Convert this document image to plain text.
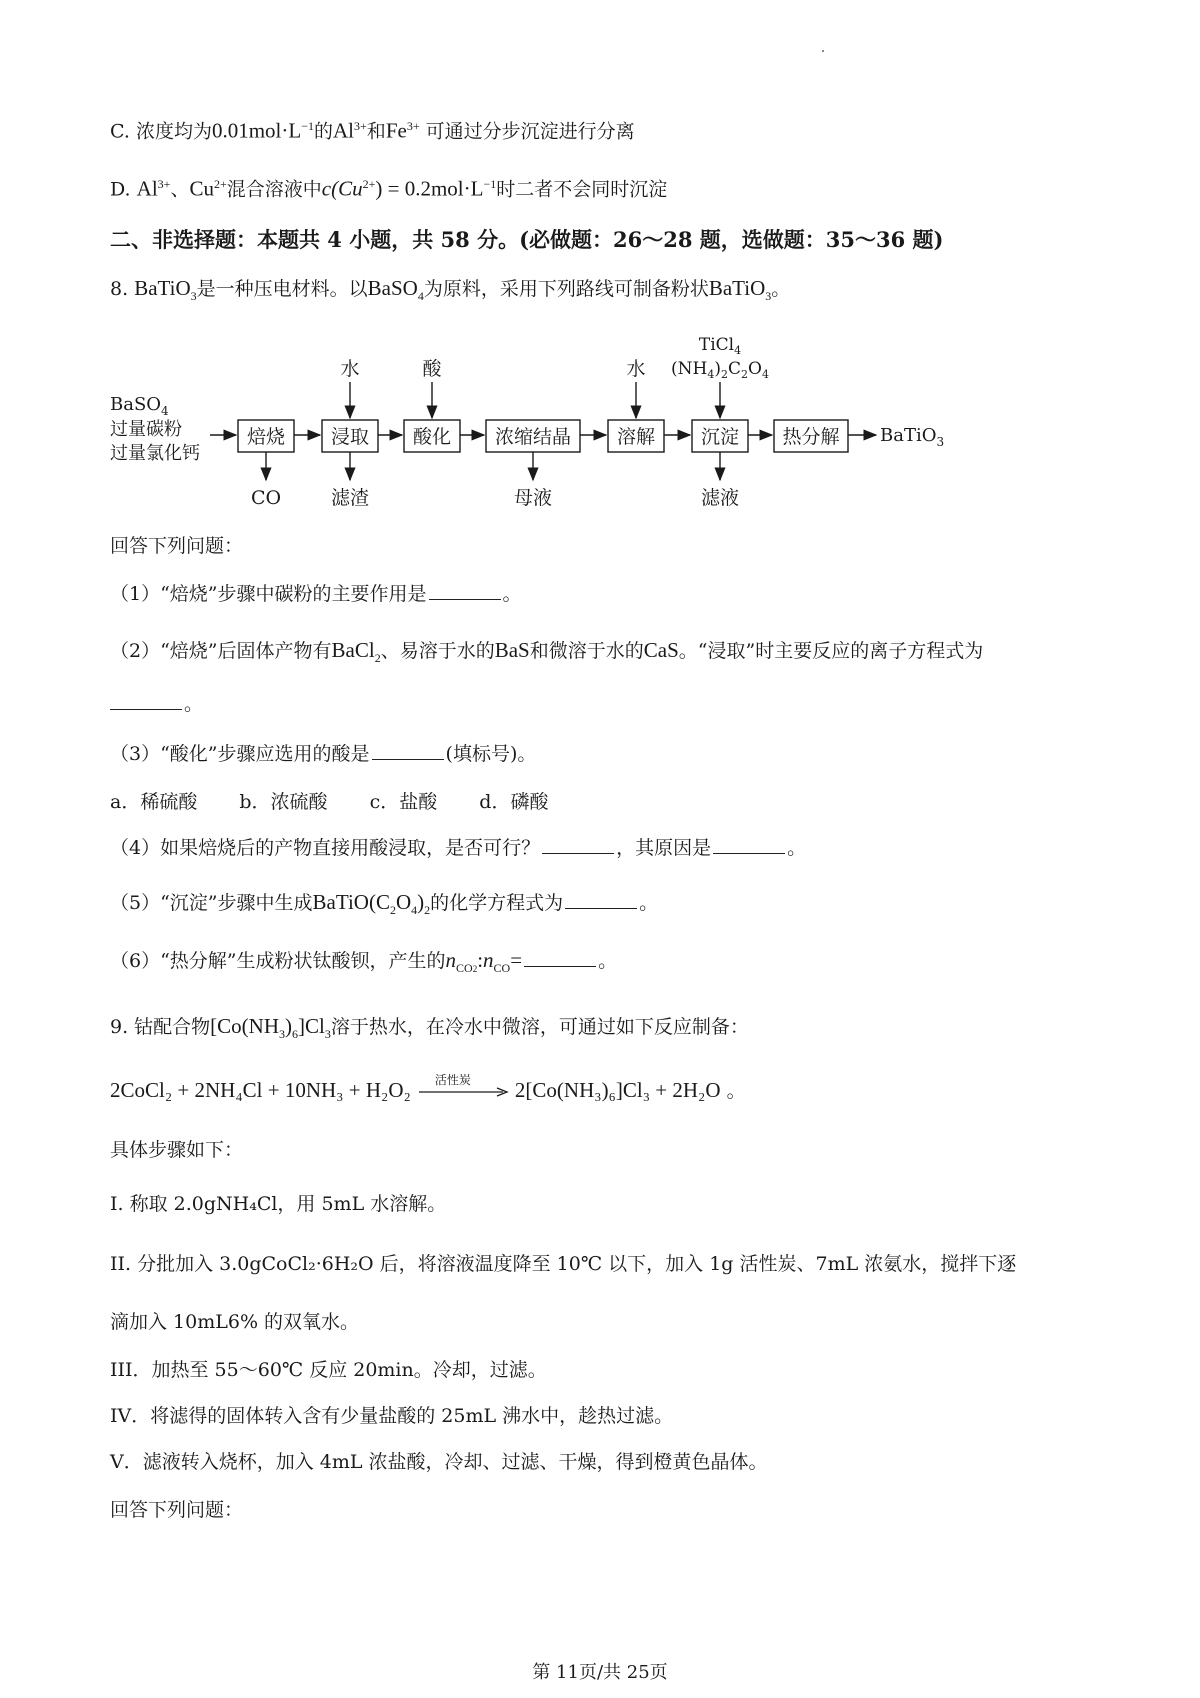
C. 浓度均为$0.01mol\cdot L^{-1}$的$Al^{3+}$和$Fe^{3+}$ 可通过分步沉淀进行分离
D. $Al^{3+}$、$Cu^{2+}$混合溶液中$c(Cu^{2+}) = 0.2mol\cdot L^{-1}$时二者不会同时沉淀
二、非选择题：本题共 4 小题，共 58 分。(必做题：26～28 题，选做题：35～36 题)
8. BaTiO$_3$是一种压电材料。以BaSO$_4$为原料，采用下列路线可制备粉状BaTiO$_3$。
BaSO$_4$
过量碳粉
过量氯化钙
焙烧 浸取 酸化 浓缩结晶 溶解 沉淀 热分解
水	酸	水
TiCl$_4$
$(NH_4)_2C_2O_4$
CO	滤渣	母液	滤液
BaTiO$_3$
回答下列问题：
（1）“焙烧”步骤中碳粉的主要作用是	。
（2）“焙烧”后固体产物有BaCl$_2$、易溶于水的BaS和微溶于水的CaS。“浸取”时主要反应的离子方程式为
。
（3）“酸化”步骤应选用的酸是	(填标号)。
a．稀硫酸 b．浓硫酸 c．盐酸 d．磷酸
（4）如果焙烧后的产物直接用酸浸取，是否可行？	，其原因是	。
（5）“沉淀”步骤中生成$BaTiO(C_2O_4)_2$的化学方程式为	。
（6）“热分解”生成粉状钛酸钡，产生的$n_{CO2}:n_{CO}=$	。
9. 钴配合物$[Co(NH_3)_6]Cl_3$溶于热水，在冷水中微溶，可通过如下反应制备：
2CoCl₂ + 2NH₄Cl + 10NH₃ + H₂O₂ 活性炭 2[Co(NH₃)₆]Cl₃ + 2H₂O 。
具体步骤如下：
I. 称取 2.0gNH₄Cl，用 5mL 水溶解。
II. 分批加入 3.0gCoCl₂·6H₂O 后，将溶液温度降至 10℃ 以下，加入 1g 活性炭、7mL 浓氨水，搅拌下逐
滴加入 10mL6% 的双氧水。
III．加热至 55～60℃ 反应 20min。冷却，过滤。
IV．将滤得的固体转入含有少量盐酸的 25mL 沸水中，趁热过滤。
V．滤液转入烧杯，加入 4mL 浓盐酸，冷却、过滤、干燥，得到橙黄色晶体。
回答下列问题：
第 11页/共 25页
